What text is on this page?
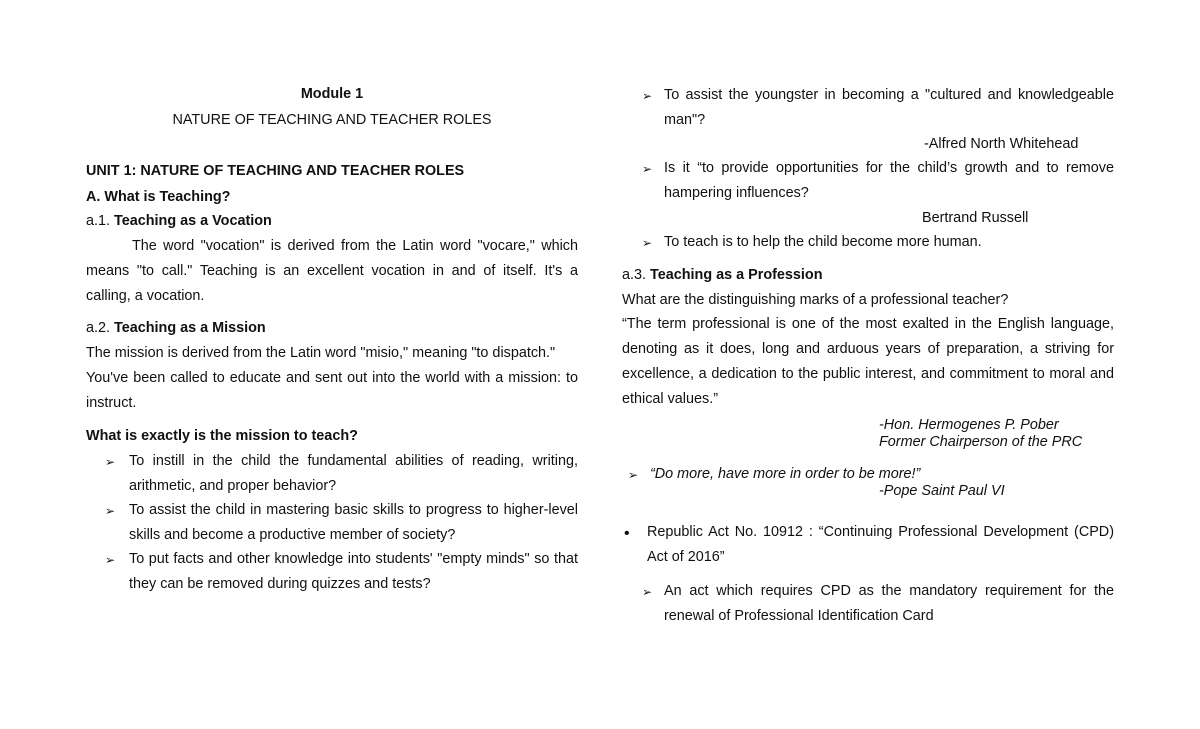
Module 1
NATURE OF TEACHING AND TEACHER ROLES
UNIT 1: NATURE OF TEACHING AND TEACHER ROLES
A. What is Teaching?
a.1. Teaching as a Vocation
The word "vocation" is derived from the Latin word "vocare," which
means "to call." Teaching is an excellent vocation in and of itself. It's a
calling, a vocation.
a.2. Teaching as a Mission
The mission is derived from the Latin word "misio," meaning "to dispatch."
You've been called to educate and sent out into the world with a mission: to
instruct.
What is exactly is the mission to teach?
➢ To instill in the child the fundamental abilities of reading, writing,
arithmetic, and proper behavior?
➢ To assist the child in mastering basic skills to progress to higher-level
skills and become a productive member of society?
➢ To put facts and other knowledge into students' "empty minds" so that
they can be removed during quizzes and tests?
➢ To assist the youngster in becoming a "cultured and knowledgeable
man"?
-Alfred North Whitehead
➢ Is it “to provide opportunities for the child’s growth and to remove
hampering influences?
Bertrand Russell
➢ To teach is to help the child become more human.
a.3. Teaching as a Profession
What are the distinguishing marks of a professional teacher?
“The term professional is one of the most exalted in the English language,
denoting as it does, long and arduous years of preparation, a striving for
excellence, a dedication to the public interest, and commitment to moral and
ethical values.”
-Hon. Hermogenes P. Pober
Former Chairperson of the PRC
➢ “Do more, have more in order to be more!”
-Pope Saint Paul VI
• Republic Act No. 10912 : “Continuing Professional Development (CPD)
Act of 2016”
➢ An act which requires CPD as the mandatory requirement for the
renewal of Professional Identification Card
